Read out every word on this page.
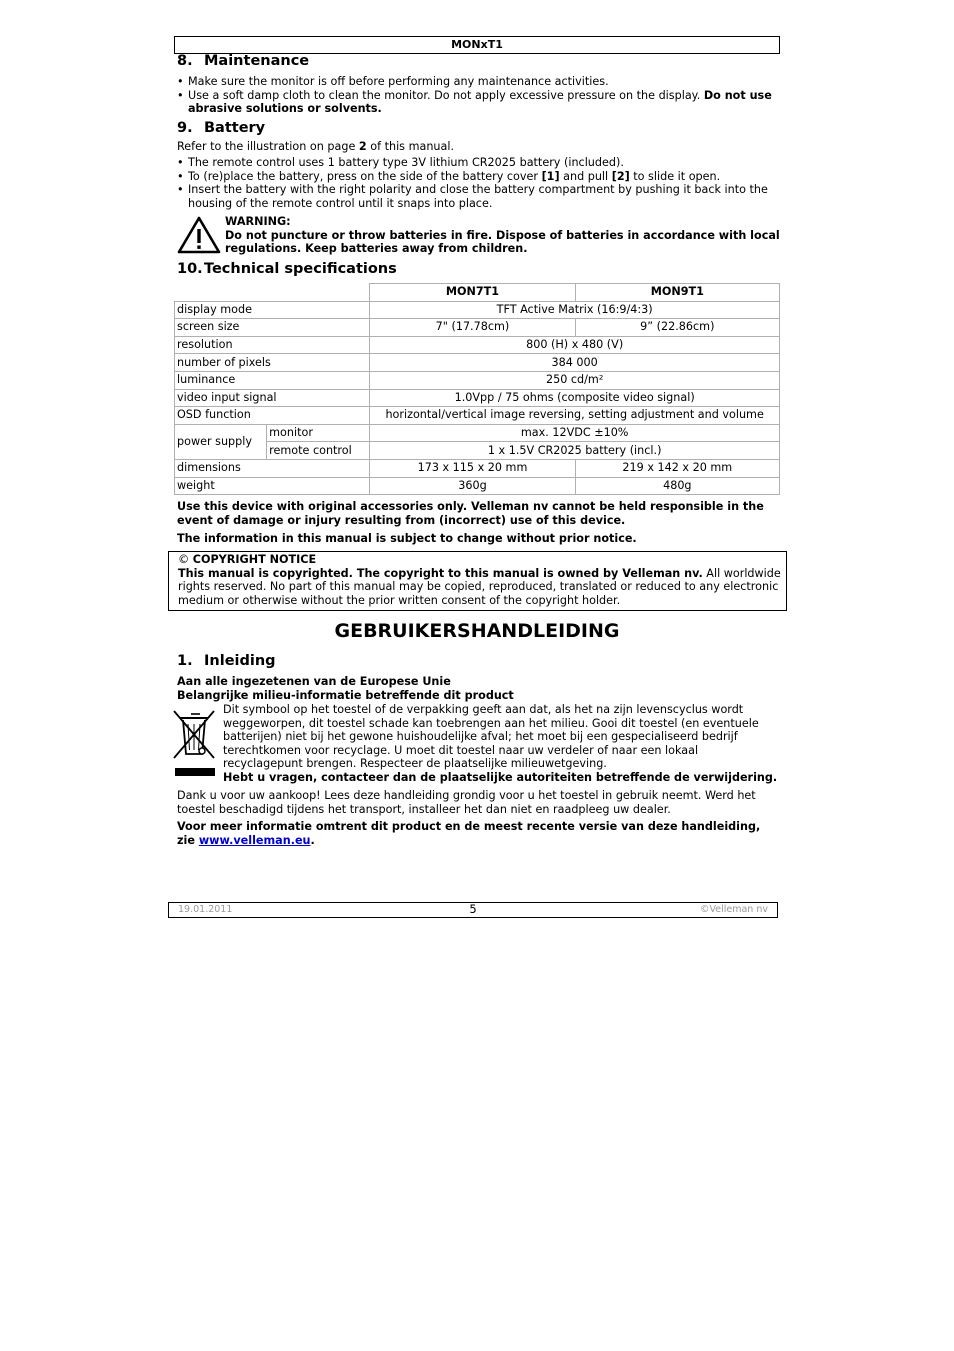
MONxT1
8. Maintenance
• Make sure the monitor is off before performing any maintenance activities.
• Use a soft damp cloth to clean the monitor. Do not apply excessive pressure on the display. Do not use abrasive solutions or solvents.
9. Battery
Refer to the illustration on page 2 of this manual.
• The remote control uses 1 battery type 3V lithium CR2025 battery (included).
• To (re)place the battery, press on the side of the battery cover [1] and pull [2] to slide it open.
• Insert the battery with the right polarity and close the battery compartment by pushing it back into the housing of the remote control until it snaps into place.
WARNING:
Do not puncture or throw batteries in fire. Dispose of batteries in accordance with local regulations. Keep batteries away from children.
10.Technical specifications
		MON7T1	MON9T1
display mode		TFT Active Matrix (16:9/4:3)	
screen size		7" (17.78cm)	9” (22.86cm)
resolution		800 (H) x 480 (V)	
number of pixels		384 000	
luminance		250 cd/m²	
video input signal		1.0Vpp / 75 ohms (composite video signal)	
OSD function		horizontal/vertical image reversing, setting adjustment and volume	
power supply	monitor	max. 12VDC ±10%	
	remote control	1 x 1.5V CR2025 battery (incl.)	
dimensions		173 x 115 x 20 mm	219 x 142 x 20 mm
weight		360g	480g
Use this device with original accessories only. Velleman nv cannot be held responsible in the event of damage or injury resulting from (incorrect) use of this device.
The information in this manual is subject to change without prior notice.
© COPYRIGHT NOTICE
This manual is copyrighted. The copyright to this manual is owned by Velleman nv. All worldwide rights reserved. No part of this manual may be copied, reproduced, translated or reduced to any electronic medium or otherwise without the prior written consent of the copyright holder.
GEBRUIKERSHANDLEIDING
1. Inleiding
Aan alle ingezetenen van de Europese Unie
Belangrijke milieu-informatie betreffende dit product
Dit symbool op het toestel of de verpakking geeft aan dat, als het na zijn levenscyclus wordt weggeworpen, dit toestel schade kan toebrengen aan het milieu. Gooi dit toestel (en eventuele batterijen) niet bij het gewone huishoudelijke afval; het moet bij een gespecialiseerd bedrijf terechtkomen voor recyclage. U moet dit toestel naar uw verdeler of naar een lokaal recyclagepunt brengen. Respecteer de plaatselijke milieuwetgeving.
Hebt u vragen, contacteer dan de plaatselijke autoriteiten betreffende de verwijdering.
Dank u voor uw aankoop! Lees deze handleiding grondig voor u het toestel in gebruik neemt. Werd het toestel beschadigd tijdens het transport, installeer het dan niet en raadpleeg uw dealer.
Voor meer informatie omtrent dit product en de meest recente versie van deze handleiding, zie www.velleman.eu.
19.01.2011	5	©Velleman nv
